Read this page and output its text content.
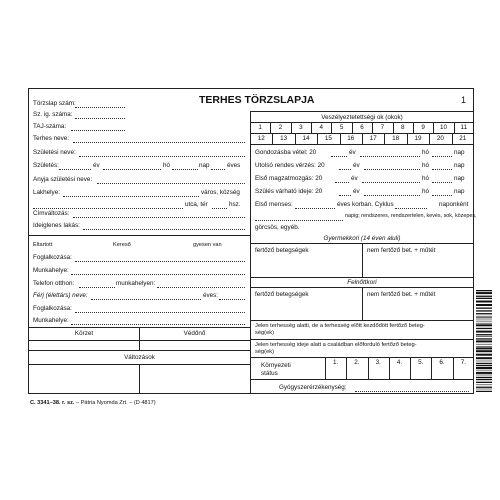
TERHES TÖRZSLAPJA	1
Törzslap szám:
Sz. ig. száma:
TAJ-száma:
Terhes neve:
Születési neve:
Születés:	év	hó	nap	éves
Anyja születési neve:
Lakhelye:	város, község
utca, tér	hsz.
Címváltozás:
Ideiglenes lakás:
Eltartott	Kereső	gyesen van
Foglalkozása:
Munkahelye:
Telefon otthon:	munkahelyen:
Férj (élettárs) neve:	éves:
Foglalkozása:
Munkahelye:
Körzet	Védőnő
Változások
Veszélyeztetettségi ok (okok)
1	2	3	4	5	6	7	8	9	10	11
12	13	14	15	16	17	18	19	20	21
Gondozásba vétel: 20	év	hó	nap
Utolsó rendes vérzés: 20	év	hó	nap
Első magzatmozgás: 20	év	hó	nap
Szülés várható ideje: 20	év	hó	nap
Első menses:	éves korban. Cyklus	naponként
napig; rendszeres, rendszertelen, kevés, sok, közepes,
görcsös, egyéb.
Gyermekkori (14 éven aluli)
fertőző betegségek	nem fertőző bet. + műtét
Felnőttkori
fertőző betegségek	nem fertőző bet. + műtét
Jelen terhesség alatti, de a terhesség előtt kezdődött fertőző beteg-
ség(ek)
Jelen terhesség ideje alatt a családban előforduló fertőző beteg-
ség(ek)
Környezeti
státus
1.	2.	3.	4.	5.	6.	7.
Gyógyszerérzékenység:
C. 3341–38. r. sz. – Pátria Nyomda Zrt. – (D 4817)
